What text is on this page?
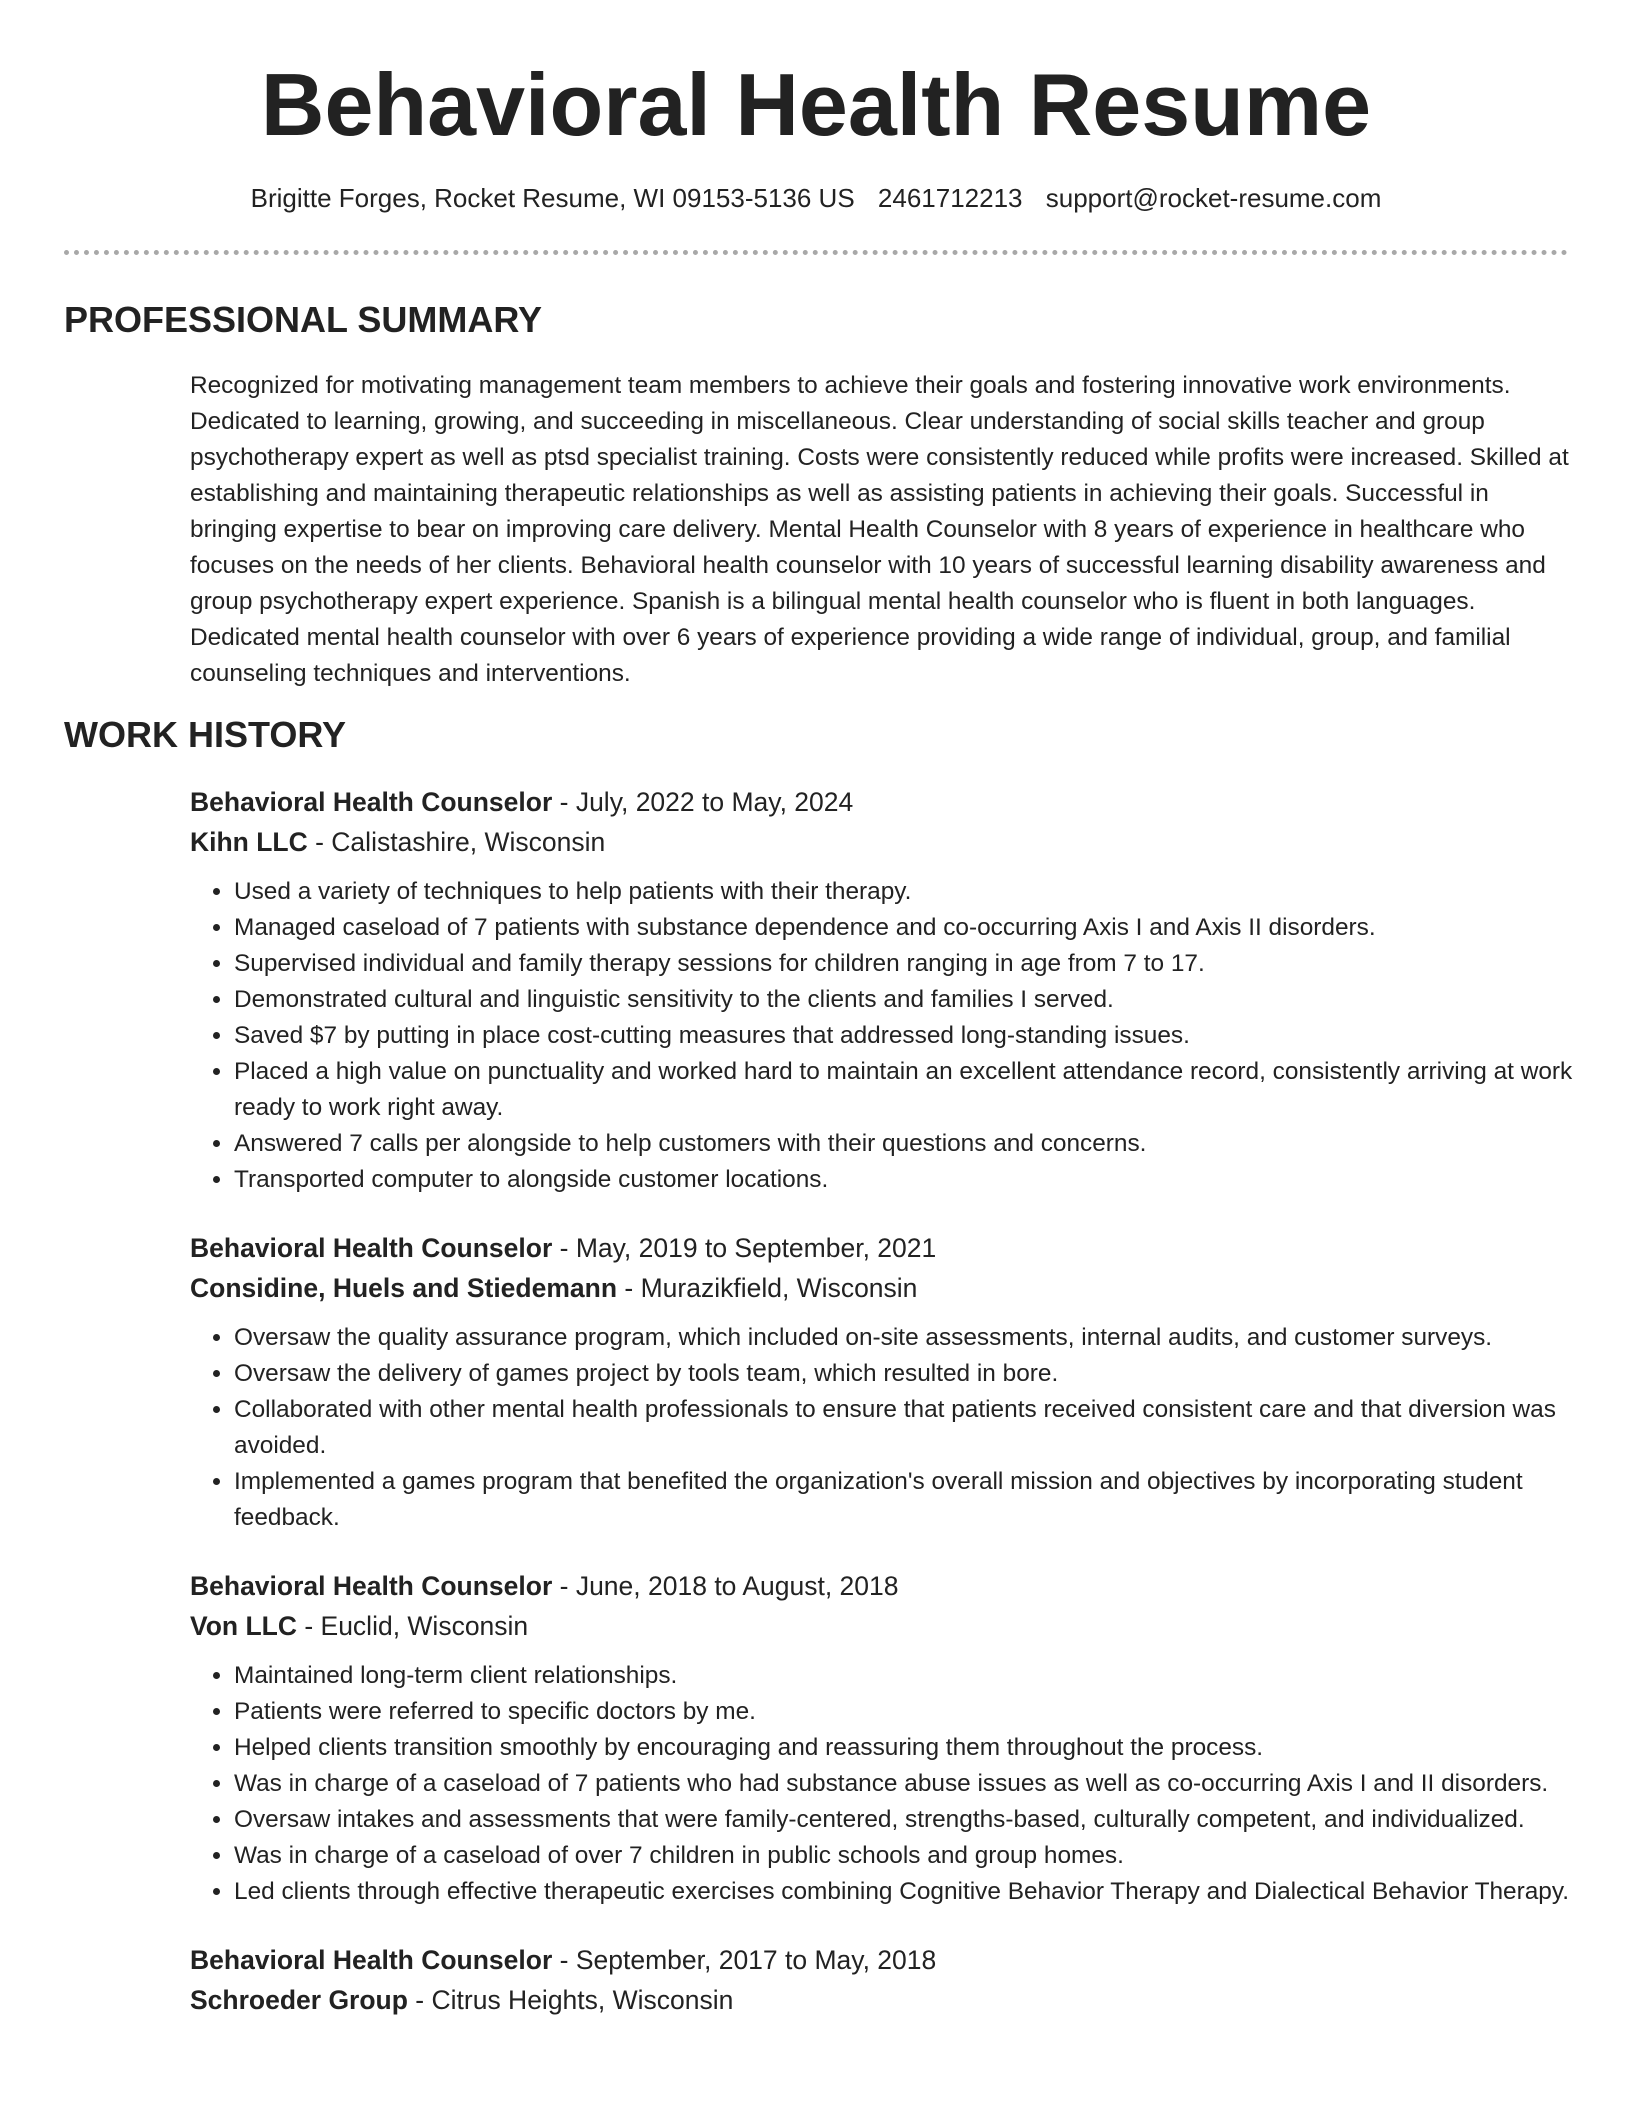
Behavioral Health Resume
Brigitte Forges, Rocket Resume, WI 09153-5136 US 2461712213 support@rocket-resume.com
PROFESSIONAL SUMMARY

Recognized for motivating management team members to achieve their goals and fostering innovative work environments. Dedicated to learning, growing, and succeeding in miscellaneous. Clear understanding of social skills teacher and group psychotherapy expert as well as ptsd specialist training. Costs were consistently reduced while profits were increased. Skilled at establishing and maintaining therapeutic relationships as well as assisting patients in achieving their goals. Successful in bringing expertise to bear on improving care delivery. Mental Health Counselor with 8 years of experience in healthcare who focuses on the needs of her clients. Behavioral health counselor with 10 years of successful learning disability awareness and group psychotherapy expert experience. Spanish is a bilingual mental health counselor who is fluent in both languages. Dedicated mental health counselor with over 6 years of experience providing a wide range of individual, group, and familial counseling techniques and interventions.

WORK HISTORY
Behavioral Health Counselor - July, 2022 to May, 2024
Kihn LLC - Calistashire, Wisconsin
• Used a variety of techniques to help patients with their therapy.
• Managed caseload of 7 patients with substance dependence and co-occurring Axis I and Axis II disorders.
• Supervised individual and family therapy sessions for children ranging in age from 7 to 17.
• Demonstrated cultural and linguistic sensitivity to the clients and families I served.
• Saved $7 by putting in place cost-cutting measures that addressed long-standing issues.
• Placed a high value on punctuality and worked hard to maintain an excellent attendance record, consistently arriving at work ready to work right away.
• Answered 7 calls per alongside to help customers with their questions and concerns.
• Transported computer to alongside customer locations.
Behavioral Health Counselor - May, 2019 to September, 2021
Considine, Huels and Stiedemann - Murazikfield, Wisconsin
• Oversaw the quality assurance program, which included on-site assessments, internal audits, and customer surveys.
• Oversaw the delivery of games project by tools team, which resulted in bore.
• Collaborated with other mental health professionals to ensure that patients received consistent care and that diversion was avoided.
• Implemented a games program that benefited the organization's overall mission and objectives by incorporating student feedback.
Behavioral Health Counselor - June, 2018 to August, 2018
Von LLC - Euclid, Wisconsin
• Maintained long-term client relationships.
• Patients were referred to specific doctors by me.
• Helped clients transition smoothly by encouraging and reassuring them throughout the process.
• Was in charge of a caseload of 7 patients who had substance abuse issues as well as co-occurring Axis I and II disorders.
• Oversaw intakes and assessments that were family-centered, strengths-based, culturally competent, and individualized.
• Was in charge of a caseload of over 7 children in public schools and group homes.
• Led clients through effective therapeutic exercises combining Cognitive Behavior Therapy and Dialectical Behavior Therapy.
Behavioral Health Counselor - September, 2017 to May, 2018
Schroeder Group - Citrus Heights, Wisconsin
